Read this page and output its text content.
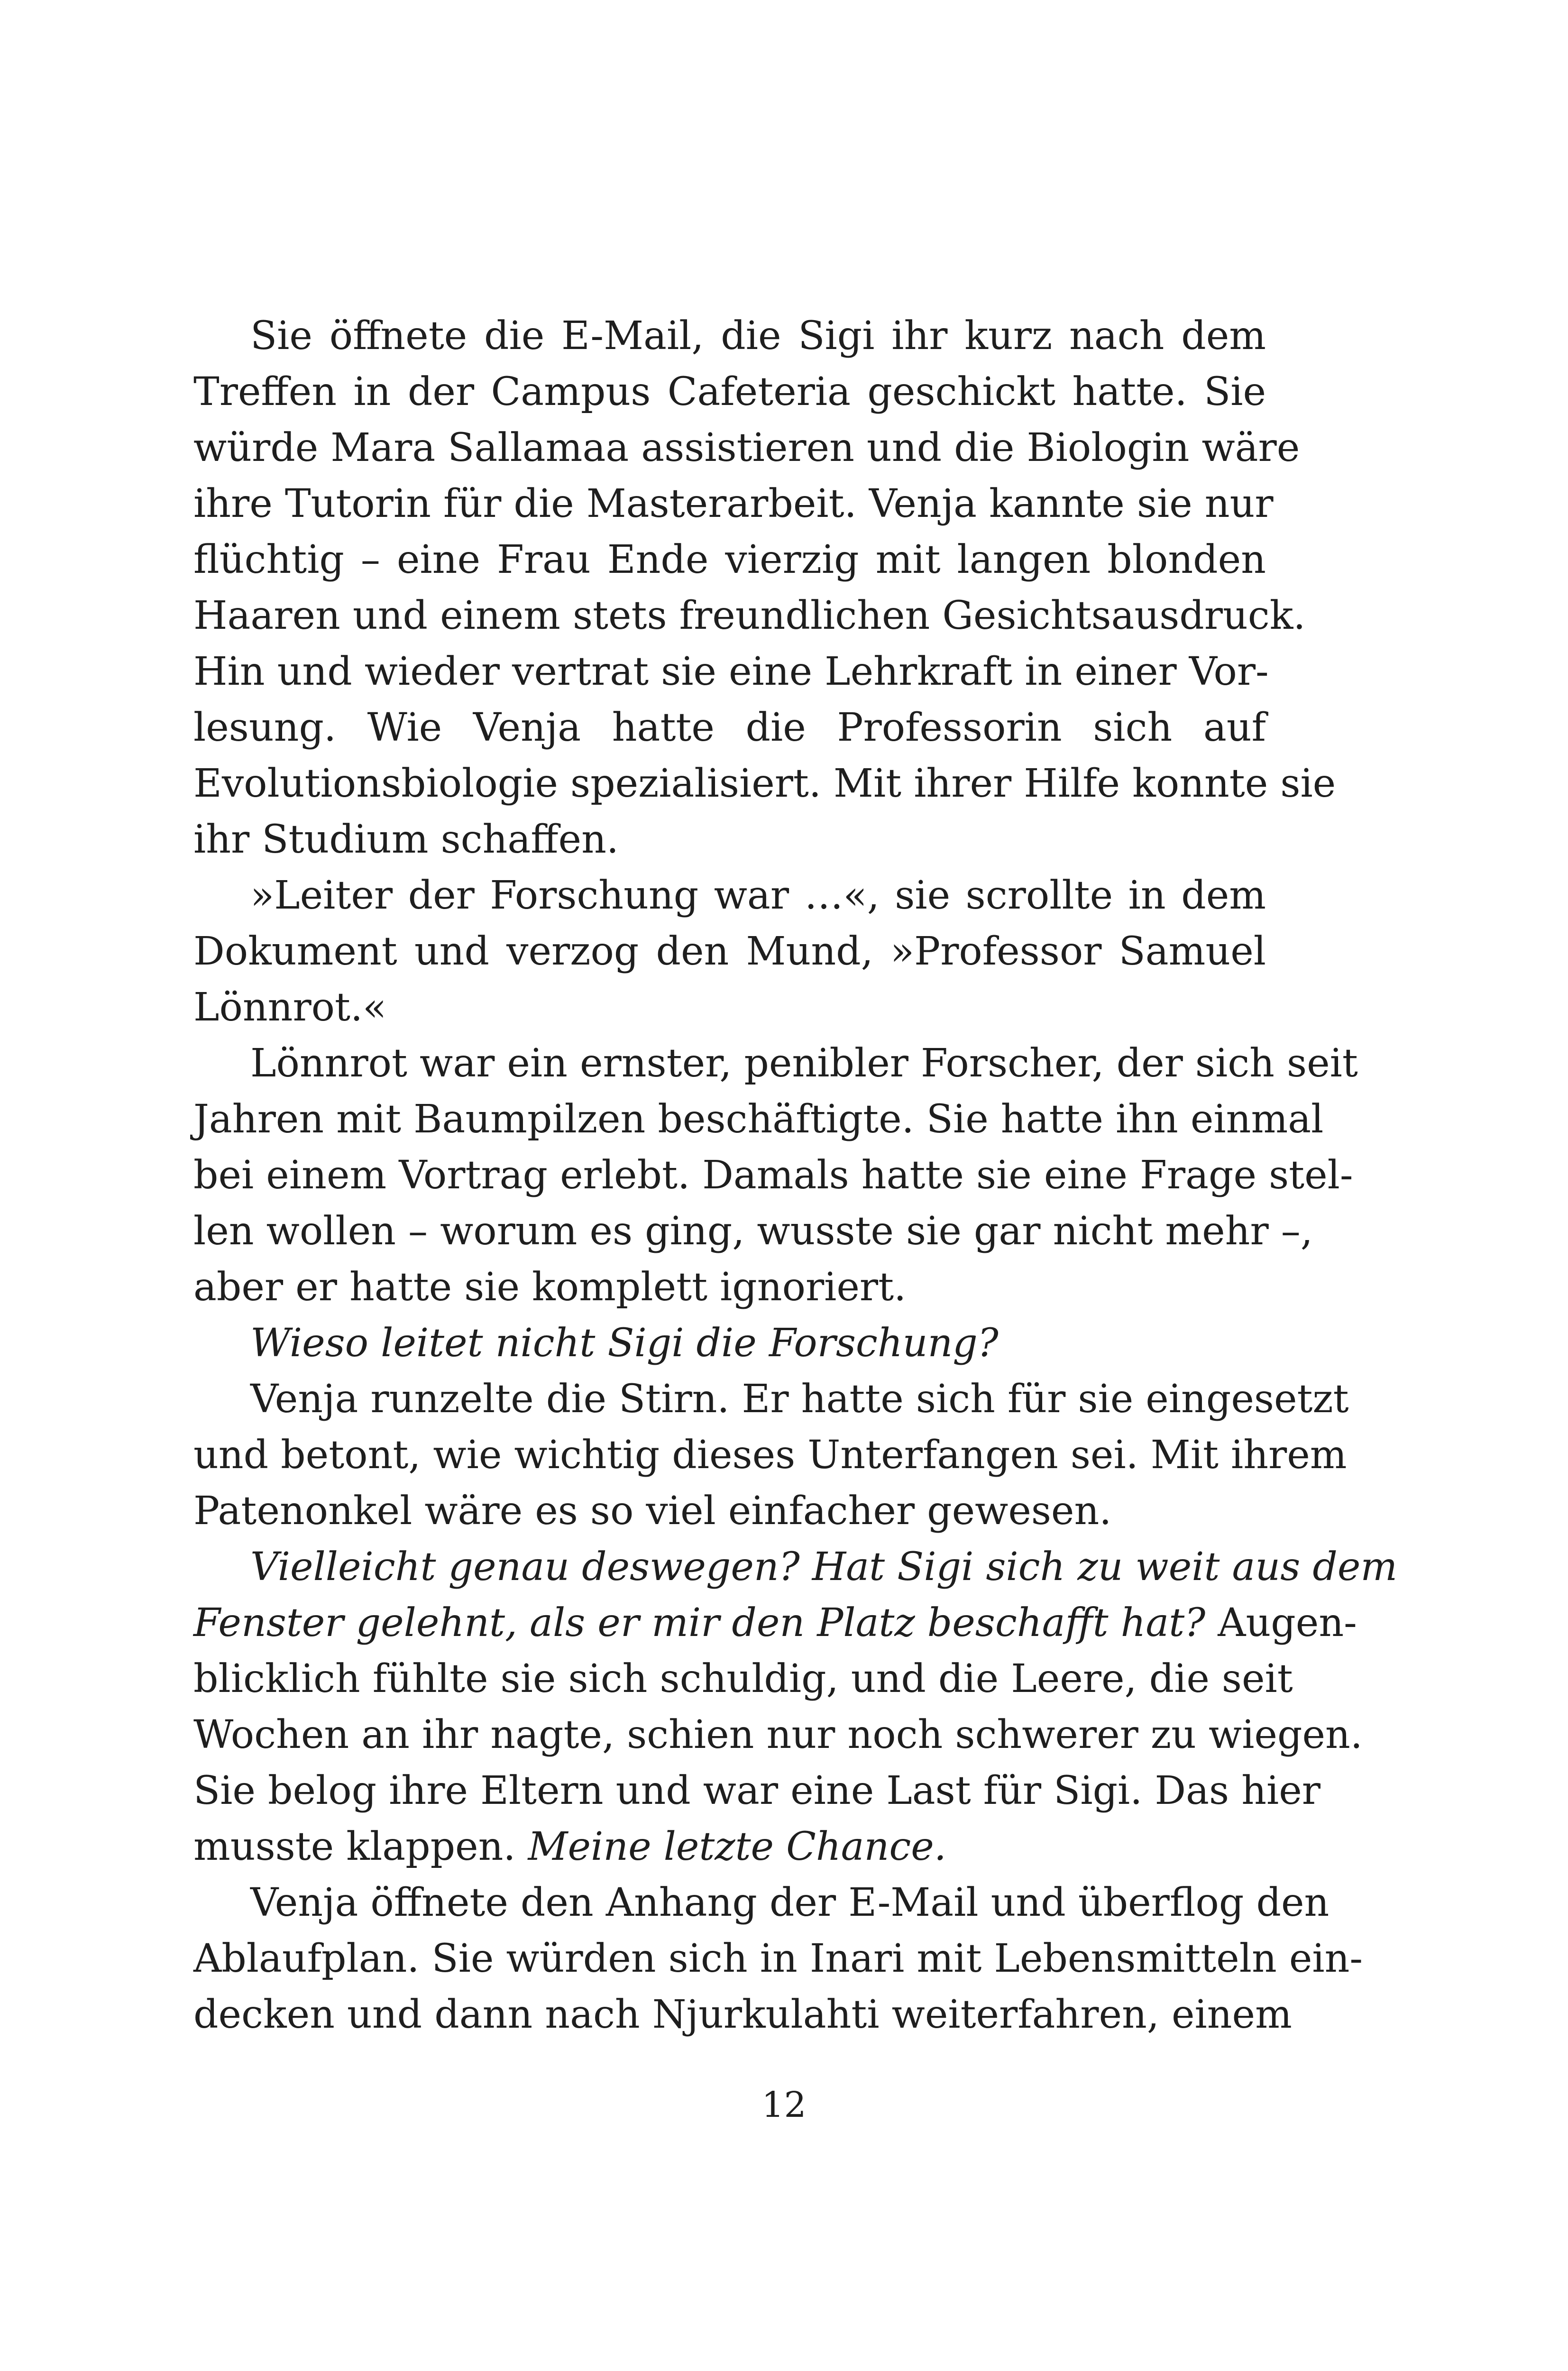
Sie öffnete die E-Mail, die Sigi ihr kurz nach dem
Treffen in der Campus Cafeteria geschickt hatte. Sie
würde Mara Sallamaa assistieren und die Biologin wäre
ihre Tutorin für die Masterarbeit. Venja kannte sie nur
flüchtig – eine Frau Ende vierzig mit langen blonden
Haaren und einem stets freundlichen Gesichtsausdruck.
Hin und wieder vertrat sie eine Lehrkraft in einer Vor-
lesung. Wie Venja hatte die Professorin sich auf
Evolutionsbiologie spezialisiert. Mit ihrer Hilfe konnte sie
ihr Studium schaffen.
»Leiter der Forschung war …«, sie scrollte in dem
Dokument und verzog den Mund, »Professor Samuel
Lönnrot.«
Lönnrot war ein ernster, penibler Forscher, der sich seit
Jahren mit Baumpilzen beschäftigte. Sie hatte ihn einmal
bei einem Vortrag erlebt. Damals hatte sie eine Frage stel-
len wollen – worum es ging, wusste sie gar nicht mehr –,
aber er hatte sie komplett ignoriert.
Wieso leitet nicht Sigi die Forschung?
Venja runzelte die Stirn. Er hatte sich für sie eingesetzt
und betont, wie wichtig dieses Unterfangen sei. Mit ihrem
Patenonkel wäre es so viel einfacher gewesen.
Vielleicht genau deswegen? Hat Sigi sich zu weit aus dem
Fenster gelehnt, als er mir den Platz beschafft hat? Augen-
blicklich fühlte sie sich schuldig, und die Leere, die seit
Wochen an ihr nagte, schien nur noch schwerer zu wiegen.
Sie belog ihre Eltern und war eine Last für Sigi. Das hier
musste klappen. Meine letzte Chance.
Venja öffnete den Anhang der E-Mail und überflog den
Ablaufplan. Sie würden sich in Inari mit Lebensmitteln ein-
decken und dann nach Njurkulahti weiterfahren, einem
12
